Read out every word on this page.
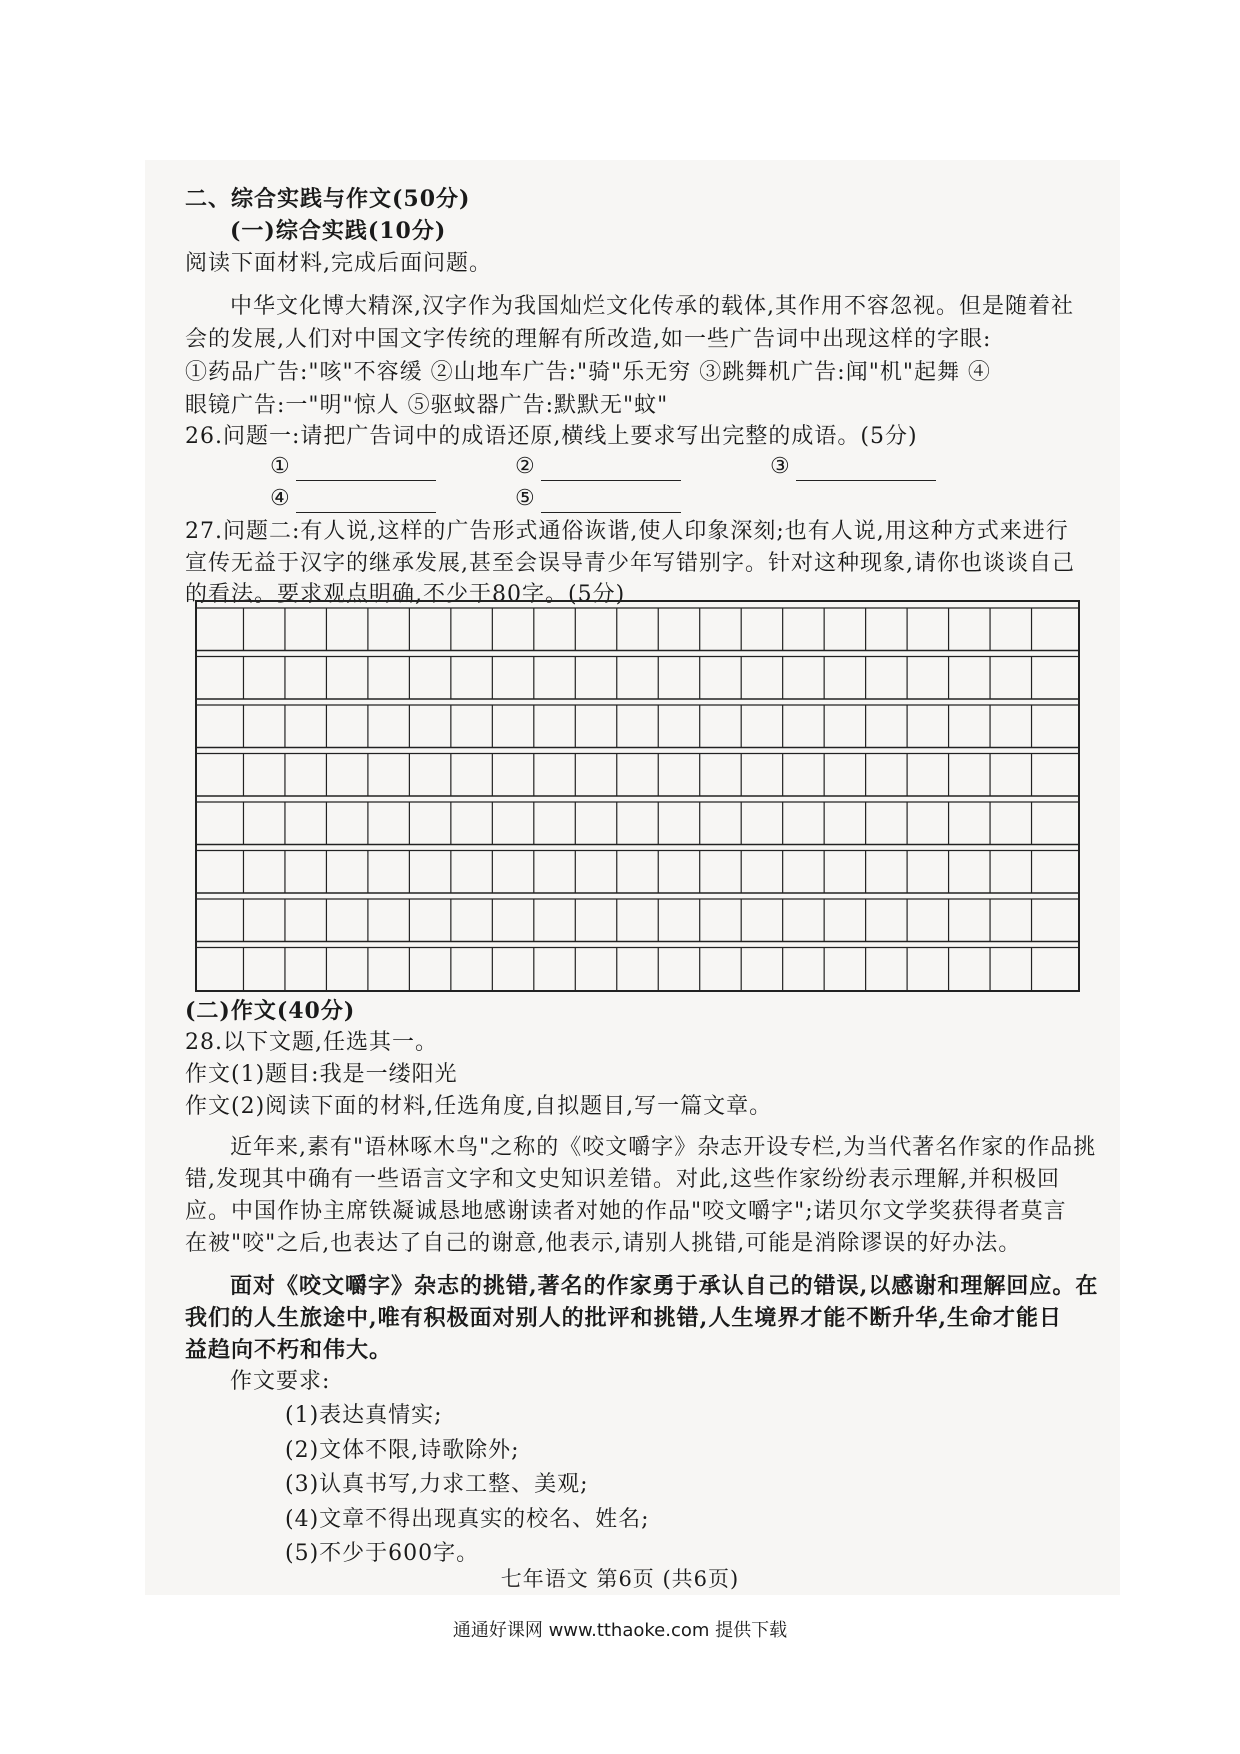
二、综合实践与作文(50分)
(一)综合实践(10分)
阅读下面材料,完成后面问题。
中华文化博大精深,汉字作为我国灿烂文化传承的载体,其作用不容忽视。但是随着社
会的发展,人们对中国文字传统的理解有所改造,如一些广告词中出现这样的字眼:
①药品广告:"咳"不容缓 ②山地车广告:"骑"乐无穷 ③跳舞机广告:闻"机"起舞 ④
眼镜广告:一"明"惊人 ⑤驱蚊器广告:默默无"蚊"
26.问题一:请把广告词中的成语还原,横线上要求写出完整的成语。(5分)
①	②	③
④	⑤
27.问题二:有人说,这样的广告形式通俗诙谐,使人印象深刻;也有人说,用这种方式来进行
宣传无益于汉字的继承发展,甚至会误导青少年写错别字。针对这种现象,请你也谈谈自己
的看法。要求观点明确,不少于80字。(5分)
(二)作文(40分)
28.以下文题,任选其一。
作文(1)题目:我是一缕阳光
作文(2)阅读下面的材料,任选角度,自拟题目,写一篇文章。
近年来,素有"语林啄木鸟"之称的《咬文嚼字》杂志开设专栏,为当代著名作家的作品挑
错,发现其中确有一些语言文字和文史知识差错。对此,这些作家纷纷表示理解,并积极回
应。中国作协主席铁凝诚恳地感谢读者对她的作品"咬文嚼字";诺贝尔文学奖获得者莫言
在被"咬"之后,也表达了自己的谢意,他表示,请别人挑错,可能是消除谬误的好办法。
面对《咬文嚼字》杂志的挑错,著名的作家勇于承认自己的错误,以感谢和理解回应。在
我们的人生旅途中,唯有积极面对别人的批评和挑错,人生境界才能不断升华,生命才能日
益趋向不朽和伟大。
作文要求:
(1)表达真情实;
(2)文体不限,诗歌除外;
(3)认真书写,力求工整、美观;
(4)文章不得出现真实的校名、姓名;
(5)不少于600字。
七年语文 第6页 (共6页)
通通好课网 www.tthaoke.com 提供下载
